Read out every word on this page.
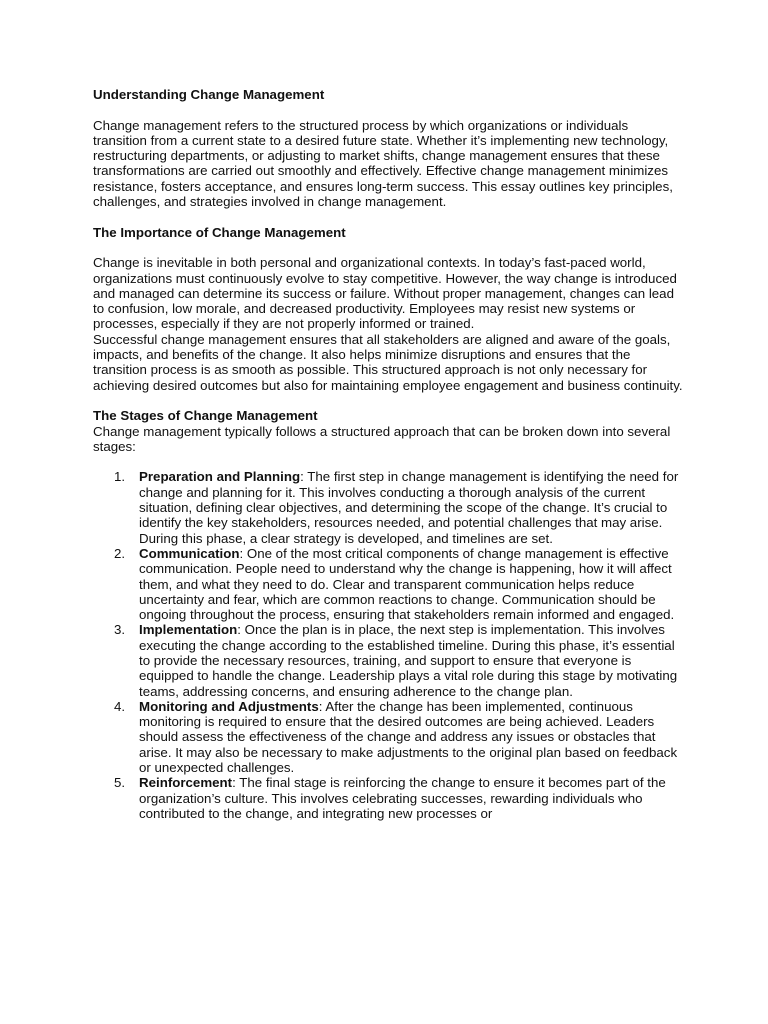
Understanding Change Management

Change management refers to the structured process by which organizations or individuals transition from a current state to a desired future state. Whether it’s implementing new technology, restructuring departments, or adjusting to market shifts, change management ensures that these transformations are carried out smoothly and effectively. Effective change management minimizes resistance, fosters acceptance, and ensures long-term success. This essay outlines key principles, challenges, and strategies involved in change management.

The Importance of Change Management

Change is inevitable in both personal and organizational contexts. In today’s fast-paced world, organizations must continuously evolve to stay competitive. However, the way change is introduced and managed can determine its success or failure. Without proper management, changes can lead to confusion, low morale, and decreased productivity. Employees may resist new systems or processes, especially if they are not properly informed or trained.

Successful change management ensures that all stakeholders are aligned and aware of the goals, impacts, and benefits of the change. It also helps minimize disruptions and ensures that the transition process is as smooth as possible. This structured approach is not only necessary for achieving desired outcomes but also for maintaining employee engagement and business continuity.

The Stages of Change Management

Change management typically follows a structured approach that can be broken down into several stages:

1. Preparation and Planning: The first step in change management is identifying the need for change and planning for it. This involves conducting a thorough analysis of the current situation, defining clear objectives, and determining the scope of the change. It’s crucial to identify the key stakeholders, resources needed, and potential challenges that may arise. During this phase, a clear strategy is developed, and timelines are set.
2. Communication: One of the most critical components of change management is effective communication. People need to understand why the change is happening, how it will affect them, and what they need to do. Clear and transparent communication helps reduce uncertainty and fear, which are common reactions to change. Communication should be ongoing throughout the process, ensuring that stakeholders remain informed and engaged.
3. Implementation: Once the plan is in place, the next step is implementation. This involves executing the change according to the established timeline. During this phase, it’s essential to provide the necessary resources, training, and support to ensure that everyone is equipped to handle the change. Leadership plays a vital role during this stage by motivating teams, addressing concerns, and ensuring adherence to the change plan.
4. Monitoring and Adjustments: After the change has been implemented, continuous monitoring is required to ensure that the desired outcomes are being achieved. Leaders should assess the effectiveness of the change and address any issues or obstacles that arise. It may also be necessary to make adjustments to the original plan based on feedback or unexpected challenges.
5. Reinforcement: The final stage is reinforcing the change to ensure it becomes part of the organization’s culture. This involves celebrating successes, rewarding individuals who contributed to the change, and integrating new processes or
